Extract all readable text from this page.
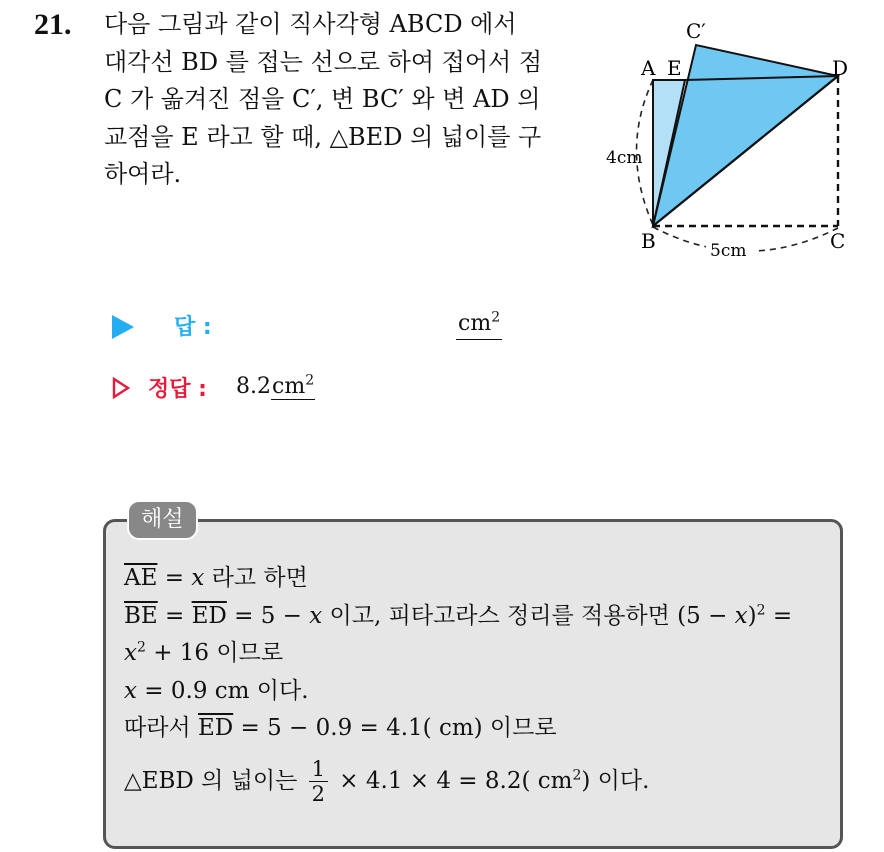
21. 다음 그림과 같이 직사각형 ABCD 에서
대각선 BD 를 접는 선으로 하여 접어서 점
C 가 옮겨진 점을 C′, 변 BC′ 와 변 AD 의
교점을 E 라고 할 때, △BED 의 넓이를 구
하여라.
C′
A E	D
B	C
4cm
5cm
답 :	$cm^2$
정답 : $8.2cm^2$
해설
$\overline{AE} = x$ 라고 하면
$\overline{BE} = \overline{ED} = 5 - x$ 이고, 피타고라스 정리를 적용하면 $(5 - x)^2$ =
$x^2 + 16$ 이므로
x = 0.9 cm 이다.
따라서 $\overline{ED} = 5 - 0.9 = 4.1$( cm) 이므로
△EBD 의 넓이는 $\frac{1}{2} \times 4.1 \times 4 = 8.2$( $cm^2$) 이다.
